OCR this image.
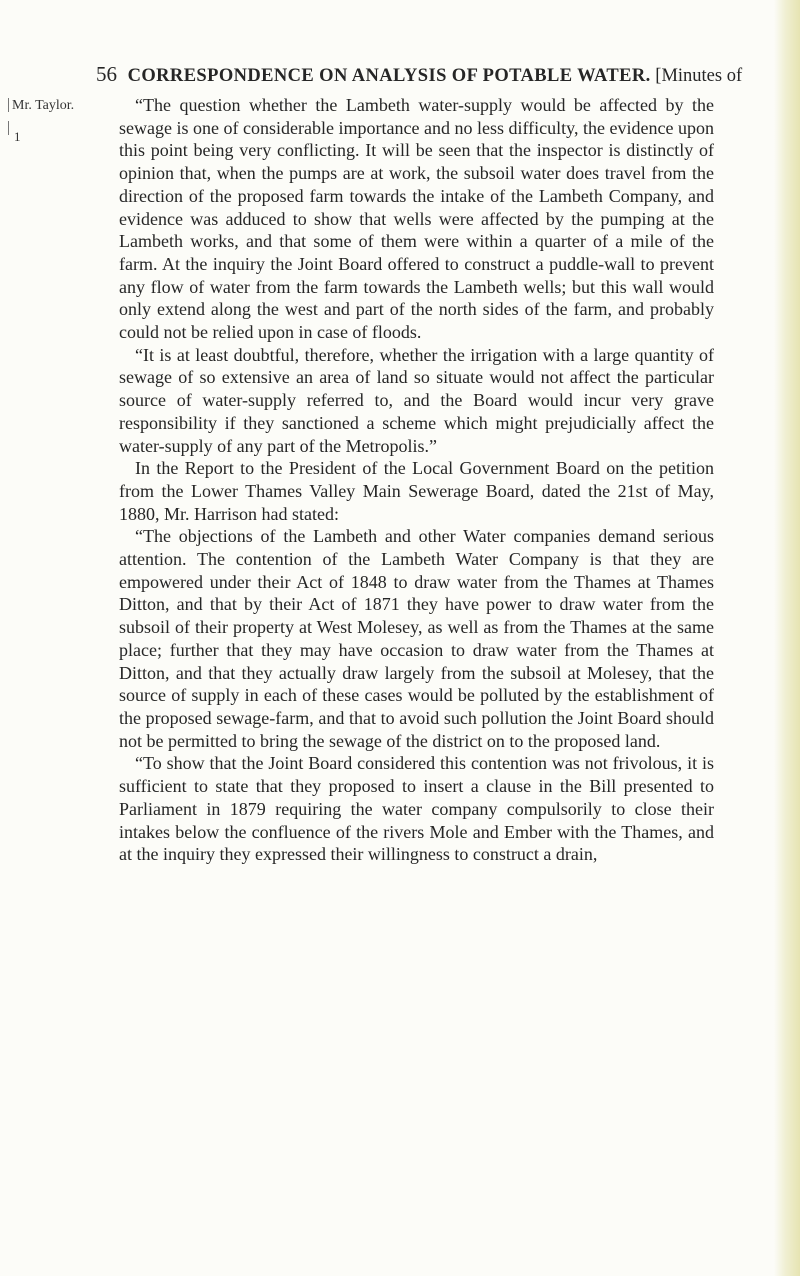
56 CORRESPONDENCE ON ANALYSIS OF POTABLE WATER. [Minutes of
Mr. Taylor.
1

“The question whether the Lambeth water-supply would be affected by the sewage is one of considerable importance and no less difficulty, the evidence upon this point being very conflicting. It will be seen that the inspector is distinctly of opinion that, when the pumps are at work, the subsoil water does travel from the direction of the proposed farm towards the intake of the Lambeth Company, and evidence was adduced to show that wells were affected by the pumping at the Lambeth works, and that some of them were within a quarter of a mile of the farm. At the inquiry the Joint Board offered to construct a puddle-wall to prevent any flow of water from the farm towards the Lambeth wells; but this wall would only extend along the west and part of the north sides of the farm, and probably could not be relied upon in case of floods.

“It is at least doubtful, therefore, whether the irrigation with a large quantity of sewage of so extensive an area of land so situate would not affect the particular source of water-supply referred to, and the Board would incur very grave responsibility if they sanctioned a scheme which might prejudicially affect the water-supply of any part of the Metropolis.”

In the Report to the President of the Local Government Board on the petition from the Lower Thames Valley Main Sewerage Board, dated the 21st of May, 1880, Mr. Harrison had stated:

“The objections of the Lambeth and other Water companies demand serious attention. The contention of the Lambeth Water Company is that they are empowered under their Act of 1848 to draw water from the Thames at Thames Ditton, and that by their Act of 1871 they have power to draw water from the subsoil of their property at West Molesey, as well as from the Thames at the same place; further that they may have occasion to draw water from the Thames at Ditton, and that they actually draw largely from the subsoil at Molesey, that the source of supply in each of these cases would be polluted by the establishment of the proposed sewage-farm, and that to avoid such pollution the Joint Board should not be permitted to bring the sewage of the district on to the proposed land.

“To show that the Joint Board considered this contention was not frivolous, it is sufficient to state that they proposed to insert a clause in the Bill presented to Parliament in 1879 requiring the water company compulsorily to close their intakes below the confluence of the rivers Mole and Ember with the Thames, and at the inquiry they expressed their willingness to construct a drain,
